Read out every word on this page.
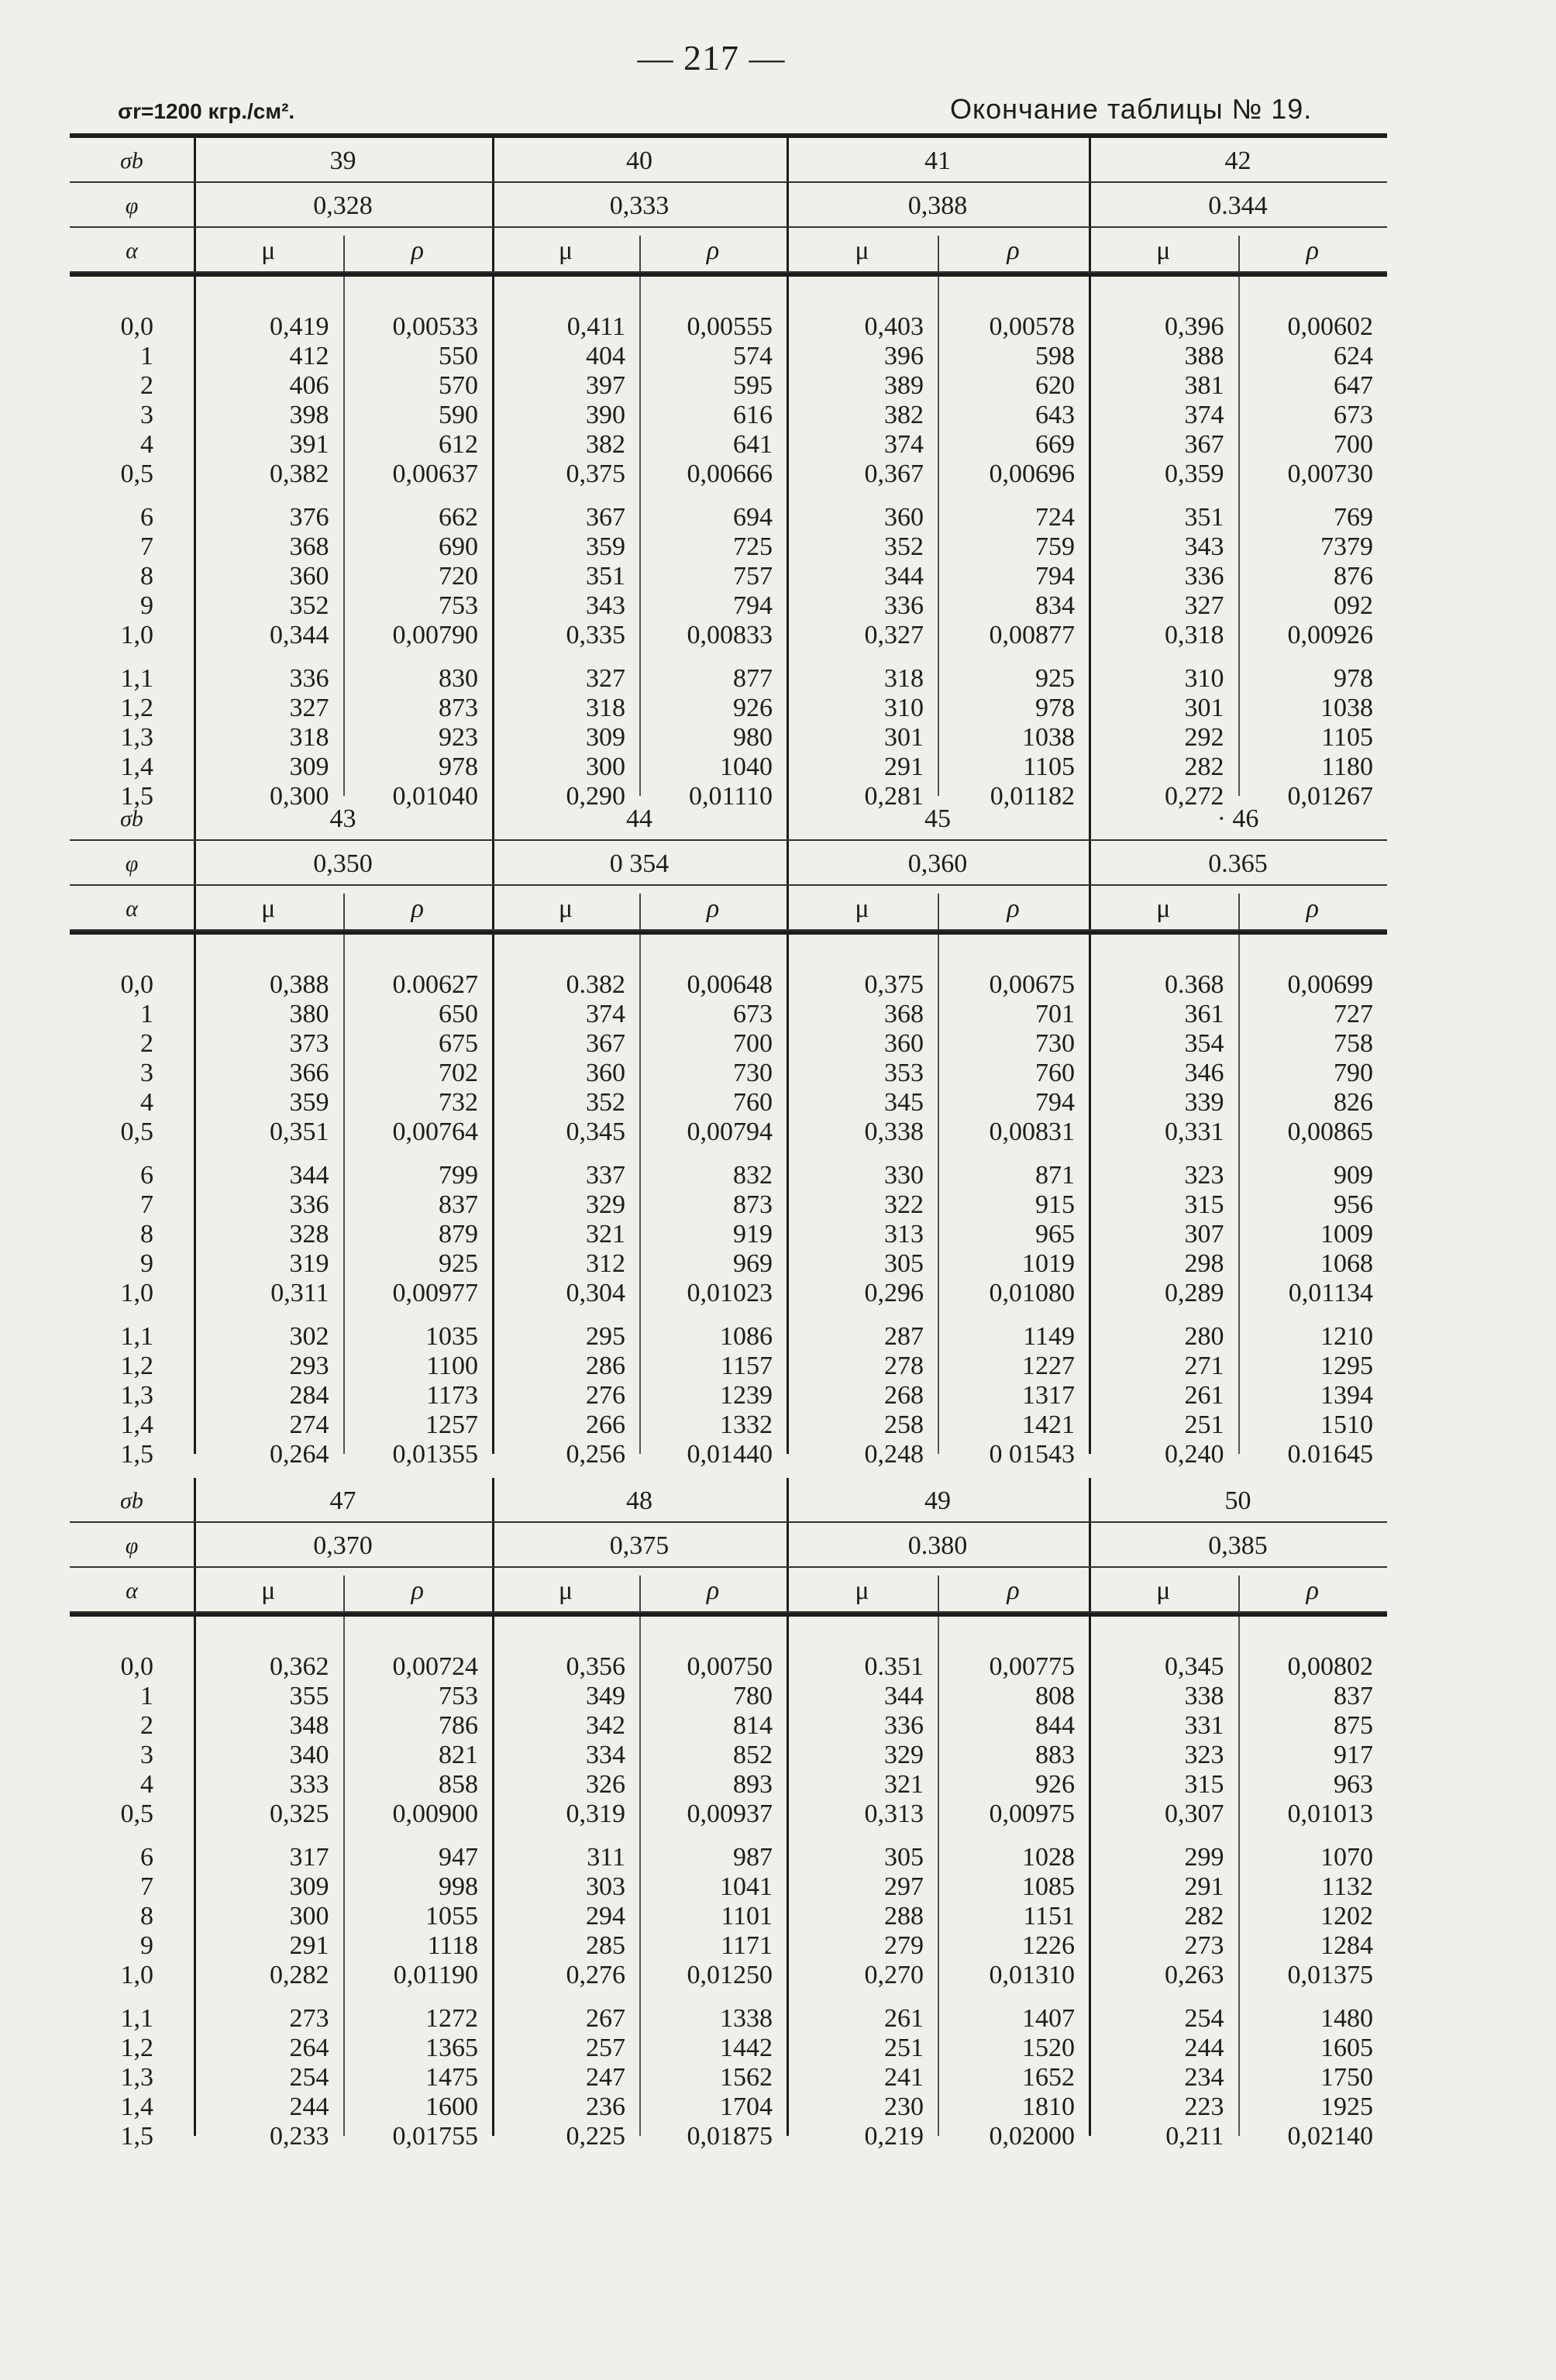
— 217 —
σr=1200 кгр./см².	Окончание таблицы № 19.
σb	39	40	41	42
φ	0,328	0,333	0,388	0.344
α	μ	ρ	μ	ρ	μ	ρ	μ	ρ
0,0	0,419	0,00533	0,411	0,00555	0,403	0,00578	0,396	0,00602
1	412	550	404	574	396	598	388	624
2	406	570	397	595	389	620	381	647
3	398	590	390	616	382	643	374	673
4	391	612	382	641	374	669	367	700
0,5	0,382	0,00637	0,375	0,00666	0,367	0,00696	0,359	0,00730
6	376	662	367	694	360	724	351	769
7	368	690	359	725	352	759	343	7379
8	360	720	351	757	344	794	336	876
9	352	753	343	794	336	834	327	092
1,0	0,344	0,00790	0,335	0,00833	0,327	0,00877	0,318	0,00926
1,1	336	830	327	877	318	925	310	978
1,2	327	873	318	926	310	978	301	1038
1,3	318	923	309	980	301	1038	292	1105
1,4	309	978	300	1040	291	1105	282	1180
1,5	0,300	0,01040	0,290	0,01110	0,281	0,01182	0,272	0,01267
σb	43	44	45	· 46
φ	0,350	0 354	0,360	0.365
α	μ	ρ	μ	ρ	μ	ρ	μ	ρ
0,0	0,388	0.00627	0.382	0,00648	0,375	0,00675	0.368	0,00699
1	380	650	374	673	368	701	361	727
2	373	675	367	700	360	730	354	758
3	366	702	360	730	353	760	346	790
4	359	732	352	760	345	794	339	826
0,5	0,351	0,00764	0,345	0,00794	0,338	0,00831	0,331	0,00865
6	344	799	337	832	330	871	323	909
7	336	837	329	873	322	915	315	956
8	328	879	321	919	313	965	307	1009
9	319	925	312	969	305	1019	298	1068
1,0	0,311	0,00977	0,304	0,01023	0,296	0,01080	0,289	0,01134
1,1	302	1035	295	1086	287	1149	280	1210
1,2	293	1100	286	1157	278	1227	271	1295
1,3	284	1173	276	1239	268	1317	261	1394
1,4	274	1257	266	1332	258	1421	251	1510
1,5	0,264	0,01355	0,256	0,01440	0,248	0 01543	0,240	0.01645
σb	47	48	49	50
φ	0,370	0,375	0.380	0,385
α	μ	ρ	μ	ρ	μ	ρ	μ	ρ
0,0	0,362	0,00724	0,356	0,00750	0.351	0,00775	0,345	0,00802
1	355	753	349	780	344	808	338	837
2	348	786	342	814	336	844	331	875
3	340	821	334	852	329	883	323	917
4	333	858	326	893	321	926	315	963
0,5	0,325	0,00900	0,319	0,00937	0,313	0,00975	0,307	0,01013
6	317	947	311	987	305	1028	299	1070
7	309	998	303	1041	297	1085	291	1132
8	300	1055	294	1101	288	1151	282	1202
9	291	1118	285	1171	279	1226	273	1284
1,0	0,282	0,01190	0,276	0,01250	0,270	0,01310	0,263	0,01375
1,1	273	1272	267	1338	261	1407	254	1480
1,2	264	1365	257	1442	251	1520	244	1605
1,3	254	1475	247	1562	241	1652	234	1750
1,4	244	1600	236	1704	230	1810	223	1925
1,5	0,233	0,01755	0,225	0,01875	0,219	0,02000	0,211	0,02140
